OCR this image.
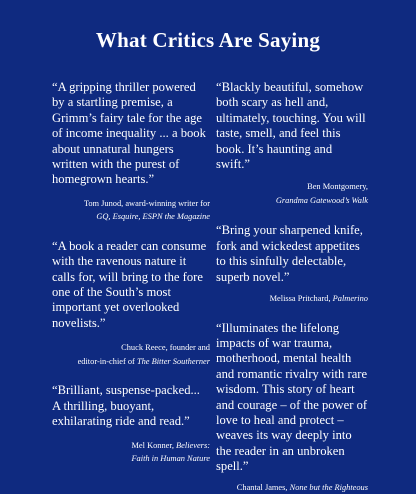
What Critics Are Saying

“A gripping thriller powered by a startling premise, a Grimm’s fairy tale for the age of income inequality ... a book about unnatural hungers written with the purest of homegrown hearts.”

Tom Junod, award-winning writer for
GQ, Esquire, ESPN the Magazine

“A book a reader can consume with the ravenous nature it calls for, will bring to the fore one of the South’s most important yet overlooked novelists.”

Chuck Reece, founder and
editor-in-chief of The Bitter Southerner

“Brilliant, suspense-packed... A thrilling, buoyant, exhilarating ride and read.”

Mel Konner, Believers:
Faith in Human Nature

“Blackly beautiful, somehow both scary as hell and, ultimately, touching. You will taste, smell, and feel this book. It’s haunting and swift.”

Ben Montgomery,
Grandma Gatewood’s Walk

“Bring your sharpened knife, fork and wickedest appetites to this sinfully delectable, superb novel.”

Melissa Pritchard, Palmerino

“Illuminates the lifelong impacts of war trauma, motherhood, mental health and romantic rivalry with rare wisdom. This story of heart and courage – of the power of love to heal and protect – weaves its way deeply into the reader in an unbroken spell.”

Chantal James, None but the Righteous
